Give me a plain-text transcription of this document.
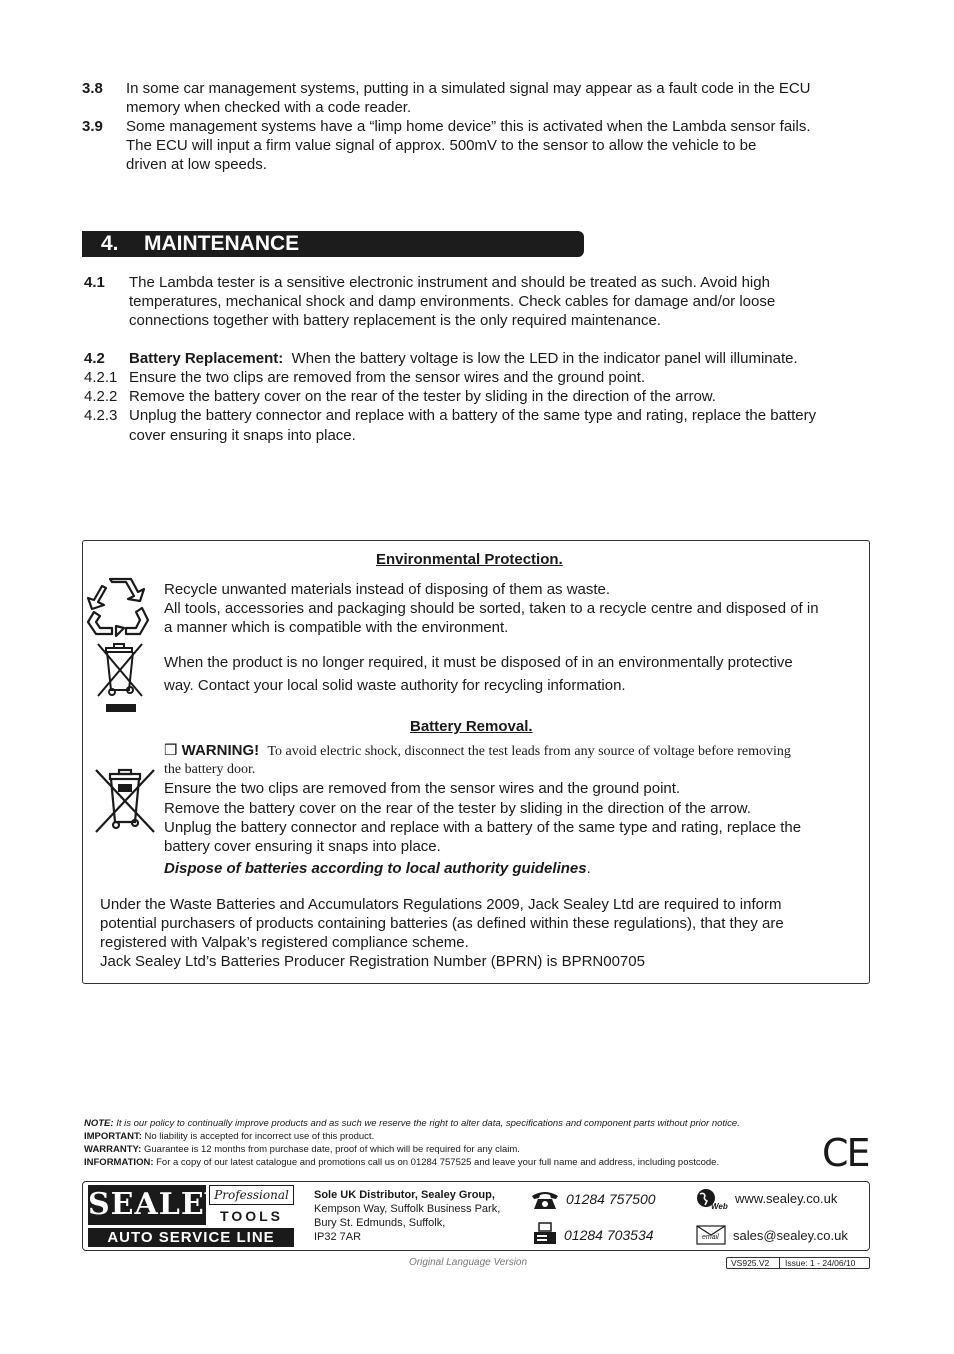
3.8 In some car management systems, putting in a simulated signal may appear as a fault code in the ECU
memory when checked with a code reader.
3.9 Some management systems have a “limp home device” this is activated when the Lambda sensor fails.
The ECU will input a firm value signal of approx. 500mV to the sensor to allow the vehicle to be
driven at low speeds.
4. MAINTENANCE
4.1 The Lambda tester is a sensitive electronic instrument and should be treated as such. Avoid high
temperatures, mechanical shock and damp environments. Check cables for damage and/or loose
connections together with battery replacement is the only required maintenance.
4.2 Battery Replacement: When the battery voltage is low the LED in the indicator panel will illuminate.
4.2.1 Ensure the two clips are removed from the sensor wires and the ground point.
4.2.2 Remove the battery cover on the rear of the tester by sliding in the direction of the arrow.
4.2.3 Unplug the battery connector and replace with a battery of the same type and rating, replace the battery
cover ensuring it snaps into place.
Environmental Protection.
Recycle unwanted materials instead of disposing of them as waste.
All tools, accessories and packaging should be sorted, taken to a recycle centre and disposed of in
a manner which is compatible with the environment.
When the product is no longer required, it must be disposed of in an environmentally protective
way. Contact your local solid waste authority for recycling information.
Battery Removal.
❒ WARNING! To avoid electric shock, disconnect the test leads from any source of voltage before removing
the battery door.
Ensure the two clips are removed from the sensor wires and the ground point.
Remove the battery cover on the rear of the tester by sliding in the direction of the arrow.
Unplug the battery connector and replace with a battery of the same type and rating, replace the
battery cover ensuring it snaps into place.
Dispose of batteries according to local authority guidelines.
Under the Waste Batteries and Accumulators Regulations 2009, Jack Sealey Ltd are required to inform
potential purchasers of products containing batteries (as defined within these regulations), that they are
registered with Valpak’s registered compliance scheme.
Jack Sealey Ltd’s Batteries Producer Registration Number (BPRN) is BPRN00705
NOTE: It is our policy to continually improve products and as such we reserve the right to alter data, specifications and component parts without prior notice.
IMPORTANT: No liability is accepted for incorrect use of this product.
WARRANTY: Guarantee is 12 months from purchase date, proof of which will be required for any claim.
INFORMATION: For a copy of our latest catalogue and promotions call us on 01284 757525 and leave your full name and address, including postcode.	CE
SEALEY
Professional
TOOLS
AUTO SERVICE LINE
Sole UK Distributor, Sealey Group,
Kempson Way, Suffolk Business Park,
Bury St. Edmunds, Suffolk,
IP32 7AR
01284 757500
01284 703534
Web
www.sealey.co.uk
email sales@sealey.co.uk
Original Language Version	VS925.V2 Issue: 1 - 24/06/10
